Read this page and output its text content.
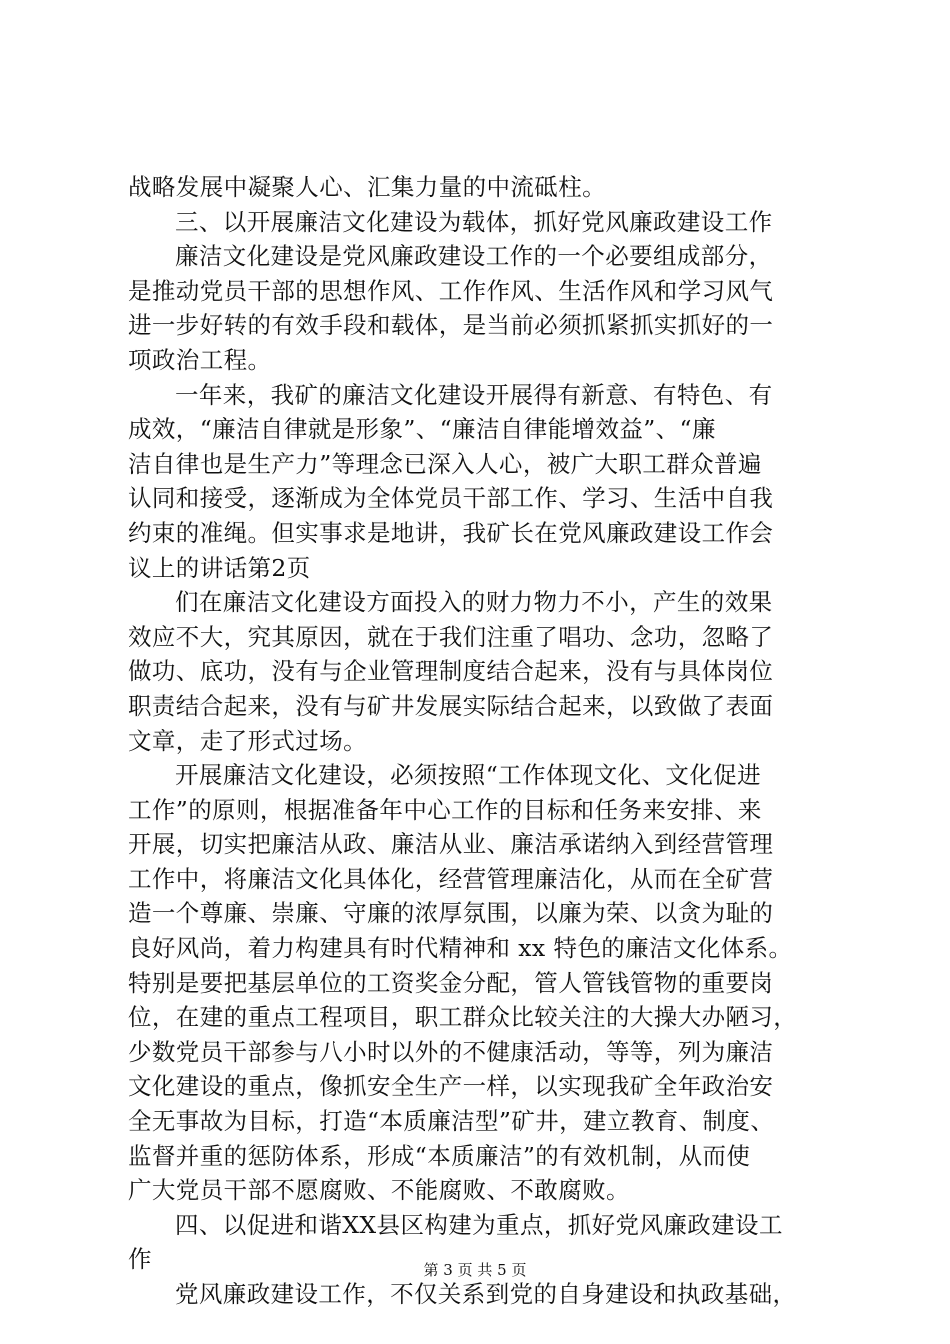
战略发展中凝聚人心、汇集力量的中流砥柱。
三、以开展廉洁文化建设为载体，抓好党风廉政建设工作
廉洁文化建设是党风廉政建设工作的一个必要组成部分，
是推动党员干部的思想作风、工作作风、生活作风和学习风气
进一步好转的有效手段和载体，是当前必须抓紧抓实抓好的一
项政治工程。
一年来，我矿的廉洁文化建设开展得有新意、有特色、有
成效，“廉洁自律就是形象”、“廉洁自律能增效益”、“廉
洁自律也是生产力”等理念已深入人心，被广大职工群众普遍
认同和接受，逐渐成为全体党员干部工作、学习、生活中自我
约束的准绳。但实事求是地讲，我矿长在党风廉政建设工作会
议上的讲话第2页
们在廉洁文化建设方面投入的财力物力不小，产生的效果
效应不大，究其原因，就在于我们注重了唱功、念功，忽略了
做功、底功，没有与企业管理制度结合起来，没有与具体岗位
职责结合起来，没有与矿井发展实际结合起来，以致做了表面
文章，走了形式过场。
开展廉洁文化建设，必须按照“工作体现文化、文化促进
工作”的原则，根据准备年中心工作的目标和任务来安排、来
开展，切实把廉洁从政、廉洁从业、廉洁承诺纳入到经营管理
工作中，将廉洁文化具体化，经营管理廉洁化，从而在全矿营
造一个尊廉、崇廉、守廉的浓厚氛围，以廉为荣、以贪为耻的
良好风尚，着力构建具有时代精神和 xx 特色的廉洁文化体系。
特别是要把基层单位的工资奖金分配，管人管钱管物的重要岗
位，在建的重点工程项目，职工群众比较关注的大操大办陋习，
少数党员干部参与八小时以外的不健康活动，等等，列为廉洁
文化建设的重点，像抓安全生产一样，以实现我矿全年政治安
全无事故为目标，打造“本质廉洁型”矿井，建立教育、制度、
监督并重的惩防体系，形成“本质廉洁”的有效机制，从而使
广大党员干部不愿腐败、不能腐败、不敢腐败。
四、以促进和谐XX县区构建为重点，抓好党风廉政建设工
作
党风廉政建设工作，不仅关系到党的自身建设和执政基础，
第 3 页 共 5 页
